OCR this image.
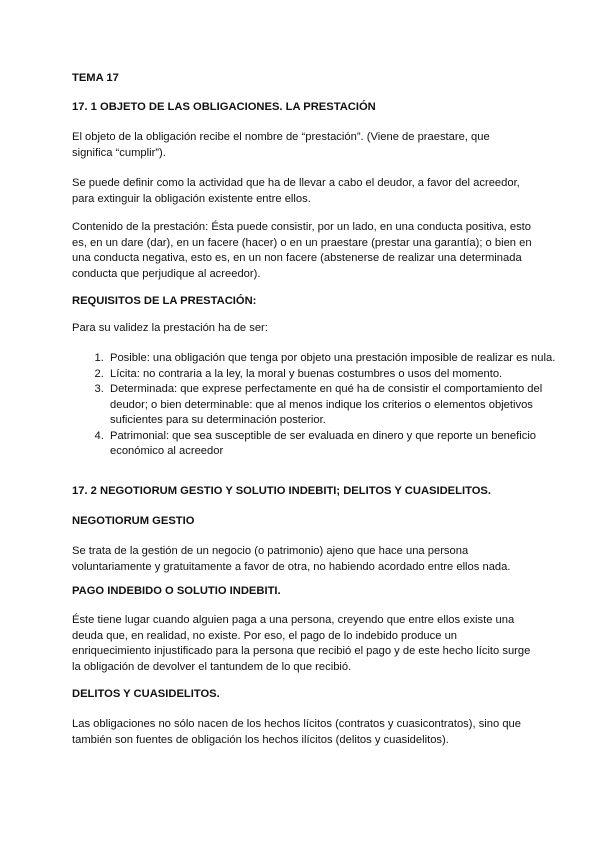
TEMA 17

17. 1 OBJETO DE LAS OBLIGACIONES. LA PRESTACIÓN

El objeto de la obligación recibe el nombre de “prestación”. (Viene de praestare, que significa “cumplir”).

Se puede definir como la actividad que ha de llevar a cabo el deudor, a favor del acreedor, para extinguir la obligación existente entre ellos.

Contenido de la prestación: Ésta puede consistir, por un lado, en una conducta positiva, esto es, en un dare (dar), en un facere (hacer) o en un praestare (prestar una garantía); o bien en una conducta negativa, esto es, en un non facere (abstenerse de realizar una determinada conducta que perjudique al acreedor).

REQUISITOS DE LA PRESTACIÓN:

Para su validez la prestación ha de ser:

1. Posible: una obligación que tenga por objeto una prestación imposible de realizar es nula.
2. Lícita: no contraria a la ley, la moral y buenas costumbres o usos del momento.
3. Determinada: que exprese perfectamente en qué ha de consistir el comportamiento del deudor; o bien determinable: que al menos indique los criterios o elementos objetivos suficientes para su determinación posterior.
4. Patrimonial: que sea susceptible de ser evaluada en dinero y que reporte un beneficio económico al acreedor

17. 2 NEGOTIORUM GESTIO Y SOLUTIO INDEBITI; DELITOS Y CUASIDELITOS.

NEGOTIORUM GESTIO

Se trata de la gestión de un negocio (o patrimonio) ajeno que hace una persona voluntariamente y gratuitamente a favor de otra, no habiendo acordado entre ellos nada.

PAGO INDEBIDO O SOLUTIO INDEBITI.

Éste tiene lugar cuando alguien paga a una persona, creyendo que entre ellos existe una deuda que, en realidad, no existe. Por eso, el pago de lo indebido produce un enriquecimiento injustificado para la persona que recibió el pago y de este hecho lícito surge la obligación de devolver el tantundem de lo que recibió.

DELITOS Y CUASIDELITOS.

Las obligaciones no sólo nacen de los hechos lícitos (contratos y cuasicontratos), sino que también son fuentes de obligación los hechos ilícitos (delitos y cuasidelitos).
